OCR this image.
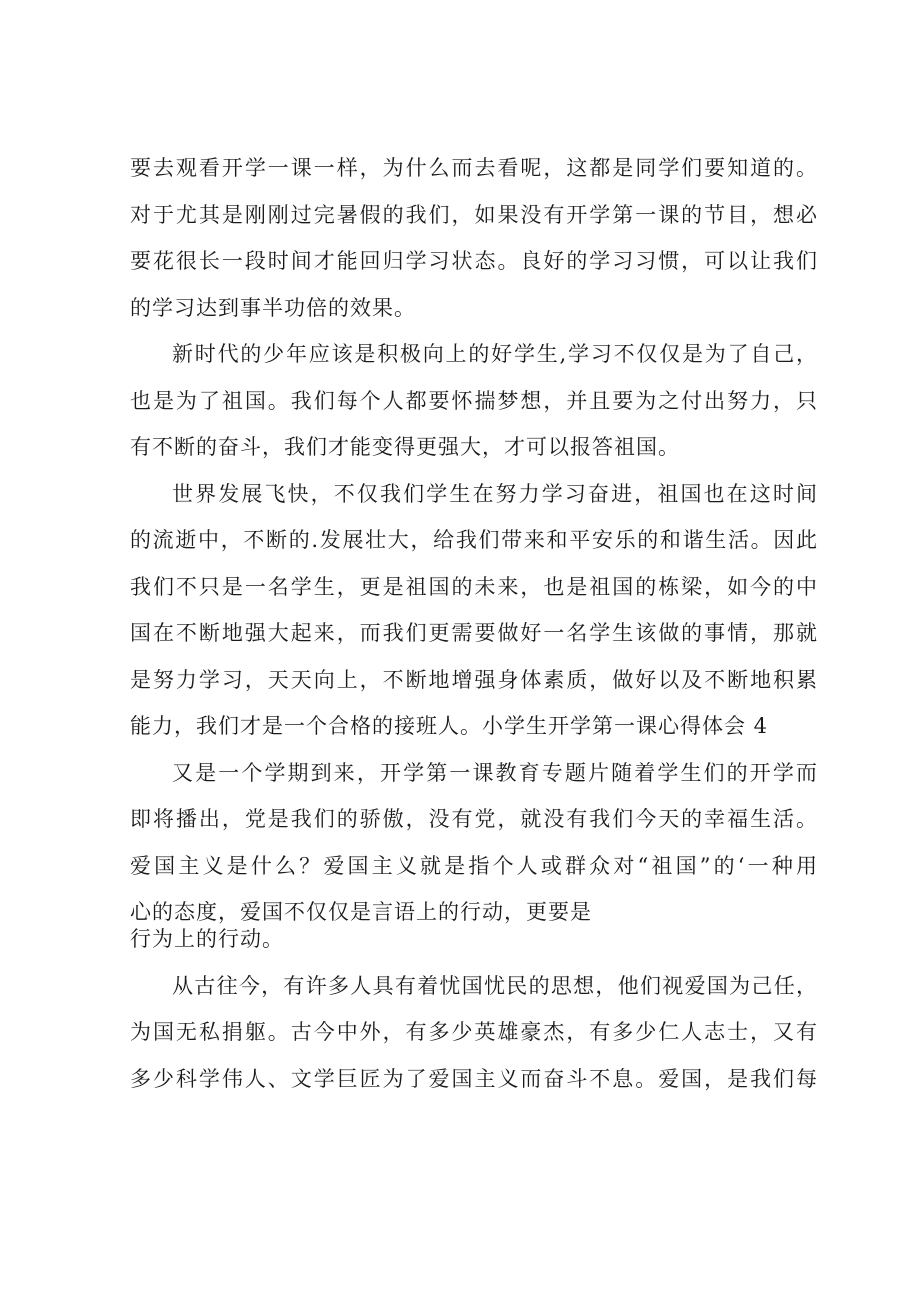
要去观看开学一课一样，为什么而去看呢，这都是同学们要知道的。
对于尤其是刚刚过完暑假的我们，如果没有开学第一课的节目，想必
要花很长一段时间才能回归学习状态。良好的学习习惯，可以让我们
的学习达到事半功倍的效果。
新时代的少年应该是积极向上的好学生,学习不仅仅是为了自己，
也是为了祖国。我们每个人都要怀揣梦想，并且要为之付出努力，只
有不断的奋斗，我们才能变得更强大，才可以报答祖国。
世界发展飞快，不仅我们学生在努力学习奋进，祖国也在这时间
的流逝中，不断的.发展壮大，给我们带来和平安乐的和谐生活。因此
我们不只是一名学生，更是祖国的未来，也是祖国的栋梁，如今的中
国在不断地强大起来，而我们更需要做好一名学生该做的事情，那就
是努力学习，天天向上，不断地增强身体素质，做好以及不断地积累
能力，我们才是一个合格的接班人。小学生开学第一课心得体会 4
又是一个学期到来，开学第一课教育专题片随着学生们的开学而
即将播出，党是我们的骄傲，没有党，就没有我们今天的幸福生活。
爱国主义是什么？爱国主义就是指个人或群众对“祖国”的‘一种用
心的态度，爱国不仅仅是言语上的行动，更要是
行为上的行动。
从古往今，有许多人具有着忧国忧民的思想，他们视爱国为己任，
为国无私捐躯。古今中外，有多少英雄豪杰，有多少仁人志士，又有
多少科学伟人、文学巨匠为了爱国主义而奋斗不息。爱国，是我们每
